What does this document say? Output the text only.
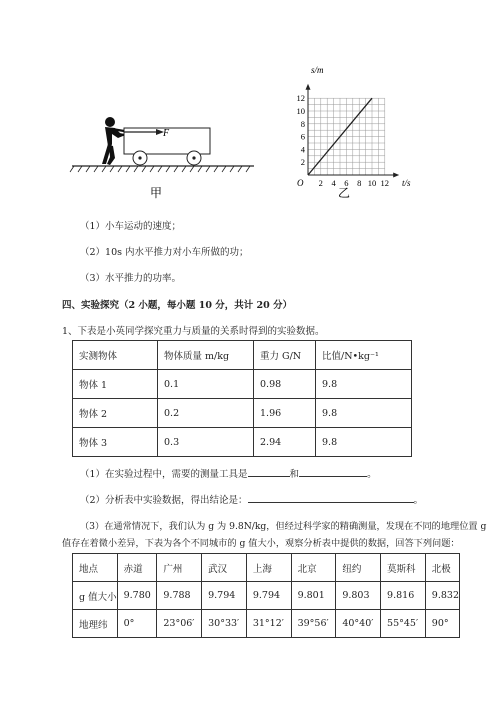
F
甲
2
4
6
8
10
12
2 4 6 8 10 12
s/m
t/s
O
乙
（1）小车运动的速度；
（2）10s 内水平推力对小车所做的功；
（3）水平推力的功率。
四、实验探究（2 小题，每小题 10 分，共计 20 分）
1、下表是小英同学探究重力与质量的关系时得到的实验数据。
实测物体	物体质量 m/kg	重力 G/N	比值/N•kg⁻¹
物体 1	0.1	0.98	9.8
物体 2	0.2	1.96	9.8
物体 3	0.3	2.94	9.8
（1）在实验过程中，需要的测量工具是	和	。
（2）分析表中实验数据，得出结论是：	。
（3）在通常情况下，我们认为 g 为 9.8N/kg，但经过科学家的精确测量，发现在不同的地理位置 g
值存在着微小差异，下表为各个不同城市的 g 值大小，观察分析表中提供的数据，回答下列问题：
地点	赤道	广州	武汉	上海	北京	纽约	莫斯科	北极
g 值大小	9.780	9.788	9.794	9.794	9.801	9.803	9.816	9.832
地理纬	0°	23°06′	30°33′	31°12′	39°56′	40°40′	55°45′	90°
